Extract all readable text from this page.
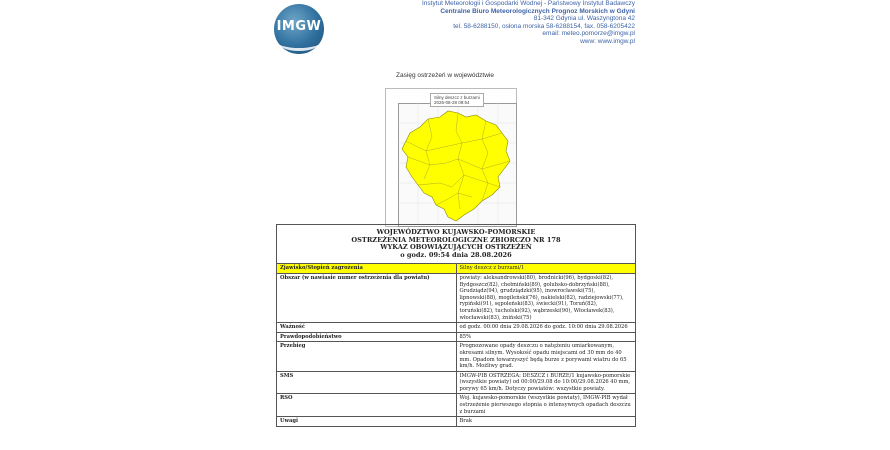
IMGW
Instytut Meteorologii i Gospodarki Wodnej - Państwowy Instytut Badawczy
Centralne Biuro Meteorologicznych Prognoz Morskich w Gdyni
81-342 Gdynia ul. Waszyngtona 42
tel. 58-6288150, osłona morska 58-6288154, fax. 058-6205422
email: meteo.pomorze@imgw.pl
www: www.imgw.pl
Zasięg ostrzeżeń w województwie
Silny deszcz z burzami
2026-08-28 09:54
WOJEWÓDZTWO KUJAWSKO-POMORSKIE
OSTRZEŻENIA METEOROLOGICZNE ZBIORCZO NR 178
WYKAZ OBOWIĄZUJĄCYCH OSTRZEŻEŃ
o godz. 09:54 dnia 28.08.2026	

Zjawisko/Stopień zagrożenia	Silny deszcz z burzami/1
Obszar (w nawiasie numer ostrzeżenia dla powiatu)	powiaty: aleksandrowski(80), brodnicki(96), bydgoski(82), Bydgoszcz(82), chełmiński(89), golubsko-dobrzyński(88), Grudziądz(94), grudziądzki(95), inowrocławski(75), lipnowski(88), mogileński(76), nakielski(82), radziejowski(77), rypiński(91), sępoleński(83), świecki(91), Toruń(82), toruński(82), tucholski(92), wąbrzeski(90), Włocławek(83), włocławski(83), żniński(75)
Ważność	od godz. 00:00 dnia 29.08.2026 do godz. 10:00 dnia 29.08.2026
Prawdopodobieństwo	85%
Przebieg	Prognozowane opady deszczu o natężeniu umiarkowanym, okresami silnym. Wysokość opadu miejscami od 30 mm do 40 mm. Opadom towarzyszyć będą burze z porywami wiatru do 65 km/h. Możliwy grad.
SMS	IMGW-PIB OSTRZEGA: DESZCZ i BURZE/1 kujawsko-pomorskie (wszystkie powiaty) od 00:00/29.08 do 10:00/29.08.2026 40 mm, porywy 65 km/h. Dotyczy powiatów: wszystkie powiaty.
RSO	Woj. kujawsko-pomorskie (wszystkie powiaty), IMGW-PIB wydał ostrzeżenie pierwszego stopnia o intensywnych opadach deszczu z burzami
Uwagi	Brak
